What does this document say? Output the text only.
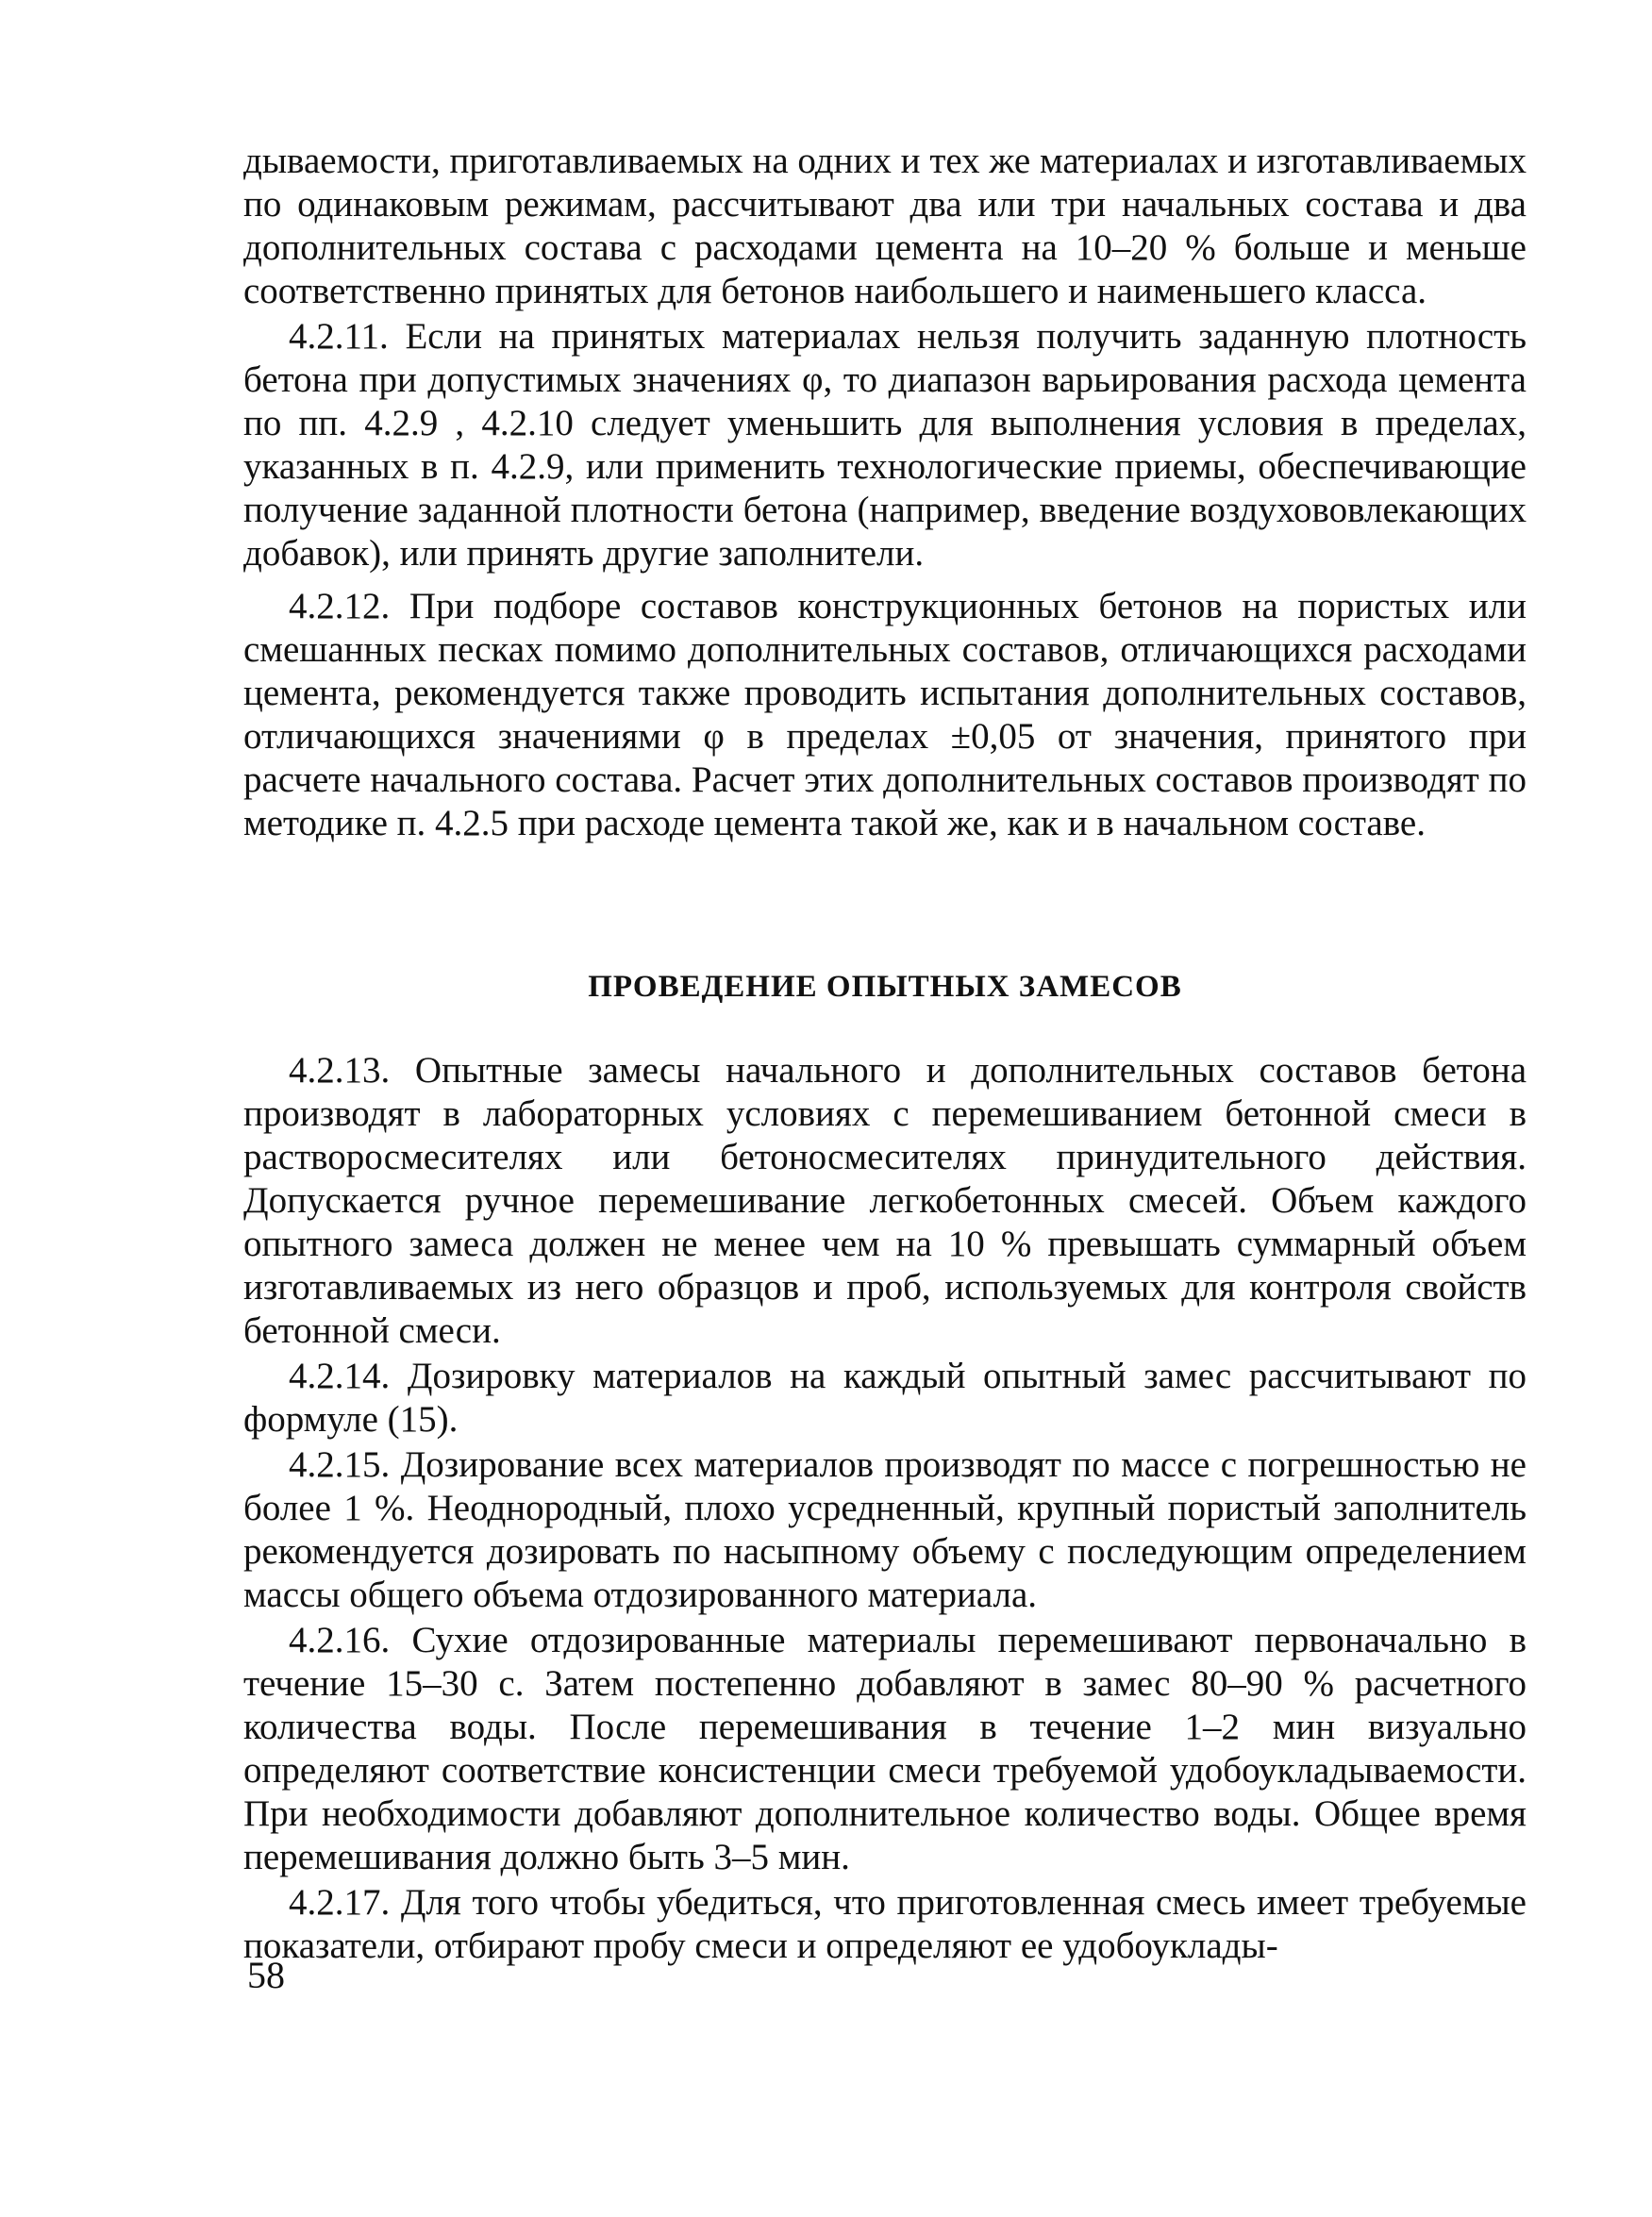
дываемости, приготавливаемых на одних и тех же материалах и изготавливаемых по одинаковым режимам, рассчитывают два или три начальных состава и два дополнительных состава с расходами цемента на 10–20 % больше и меньше соответственно принятых для бетонов наибольшего и наименьшего класса.

4.2.11. Если на принятых материалах нельзя получить заданную плотность бетона при допустимых значениях φ, то диапазон варьирования расхода цемента по пп. 4.2.9 , 4.2.10 следует уменьшить для выполнения условия в пределах, указанных в п. 4.2.9, или применить технологические приемы, обеспечивающие получение заданной плотности бетона (например, введение воздухововлекающих добавок), или принять другие заполнители.

4.2.12. При подборе составов конструкционных бетонов на пористых или смешанных песках помимо дополнительных составов, отличающихся расходами цемента, рекомендуется также проводить испытания дополнительных составов, отличающихся значениями φ в пределах ±0,05 от значения, принятого при расчете начального состава. Расчет этих дополнительных составов производят по методике п. 4.2.5 при расходе цемента такой же, как и в начальном составе.

ПРОВЕДЕНИЕ ОПЫТНЫХ ЗАМЕСОВ

4.2.13. Опытные замесы начального и дополнительных составов бетона производят в лабораторных условиях с перемешиванием бетонной смеси в растворосмесителях или бетоносмесителях принудительного действия. Допускается ручное перемешивание легкобетонных смесей. Объем каждого опытного замеса должен не менее чем на 10 % превышать суммарный объем изготавливаемых из него образцов и проб, используемых для контроля свойств бетонной смеси.

4.2.14. Дозировку материалов на каждый опытный замес рассчитывают по формуле (15).

4.2.15. Дозирование всех материалов производят по массе с погрешностью не более 1 %. Неоднородный, плохо усредненный, крупный пористый заполнитель рекомендуется дозировать по насыпному объему с последующим определением массы общего объема отдозированного материала.

4.2.16. Сухие отдозированные материалы перемешивают первоначально в течение 15–30 с. Затем постепенно добавляют в замес 80–90 % расчетного количества воды. После перемешивания в течение 1–2 мин визуально определяют соответствие консистенции смеси требуемой удобоукладываемости. При необходимости добавляют дополнительное количество воды. Общее время перемешивания должно быть 3–5 мин.

4.2.17. Для того чтобы убедиться, что приготовленная смесь имеет требуемые показатели, отбирают пробу смеси и определяют ее удобоуклады-

58
